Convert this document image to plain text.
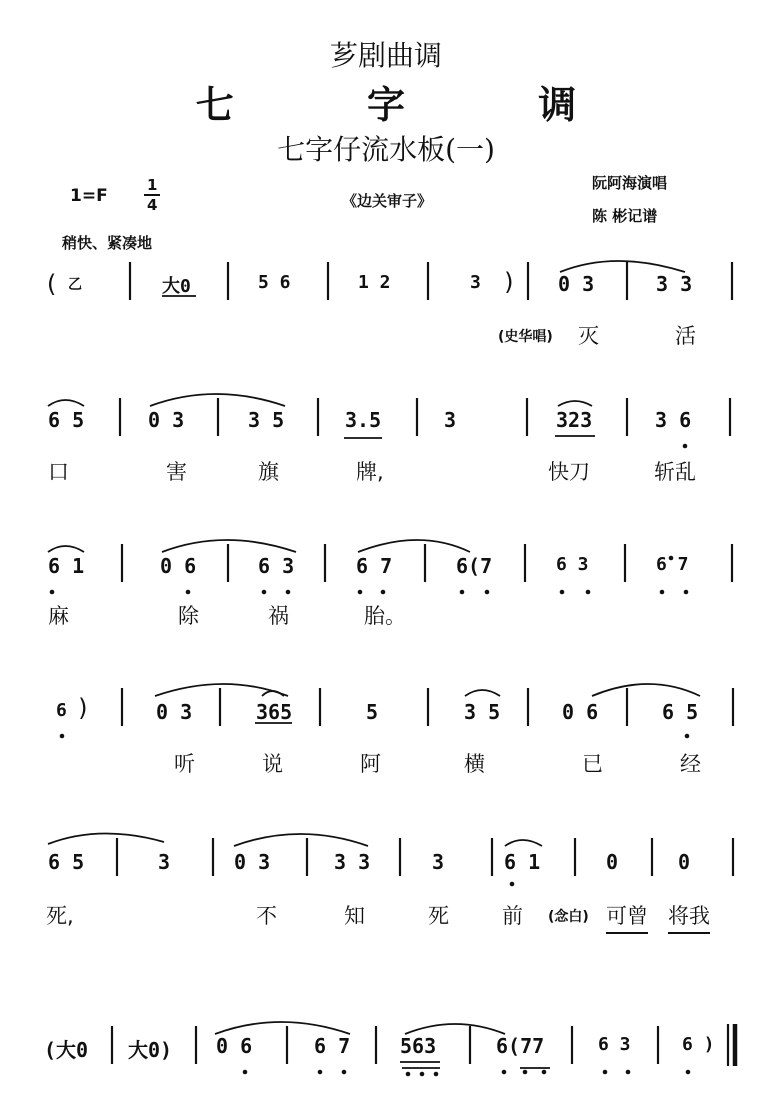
芗剧曲调
七 字 调
七字仔流水板(一)
1=F
1
4	《边关审子》
阮阿海演唱
陈 彬记谱
稍快、紧凑地
( 乙	大0	5 6	1 2	3 ) 0 3	3 3
(史华唱) 灭	活
6 5	0 3	3 5	3.5	3	323	3 6
口	害	旗	牌,	快刀	斩乱
6 1	0 6	6 3	6 7	6(7	6 3	6 7
麻	除	祸	胎。
6 )	0 3	365	5	3 5	0 6	6 5
听	说	阿	横	已	经
6 5	3	0 3	3 3	3	6 1	0	0
死,	不	知	死	前 (念白) 可曾 将我
(大0 大0) 0 6	6 7 563	6(77	6 3	6 )
